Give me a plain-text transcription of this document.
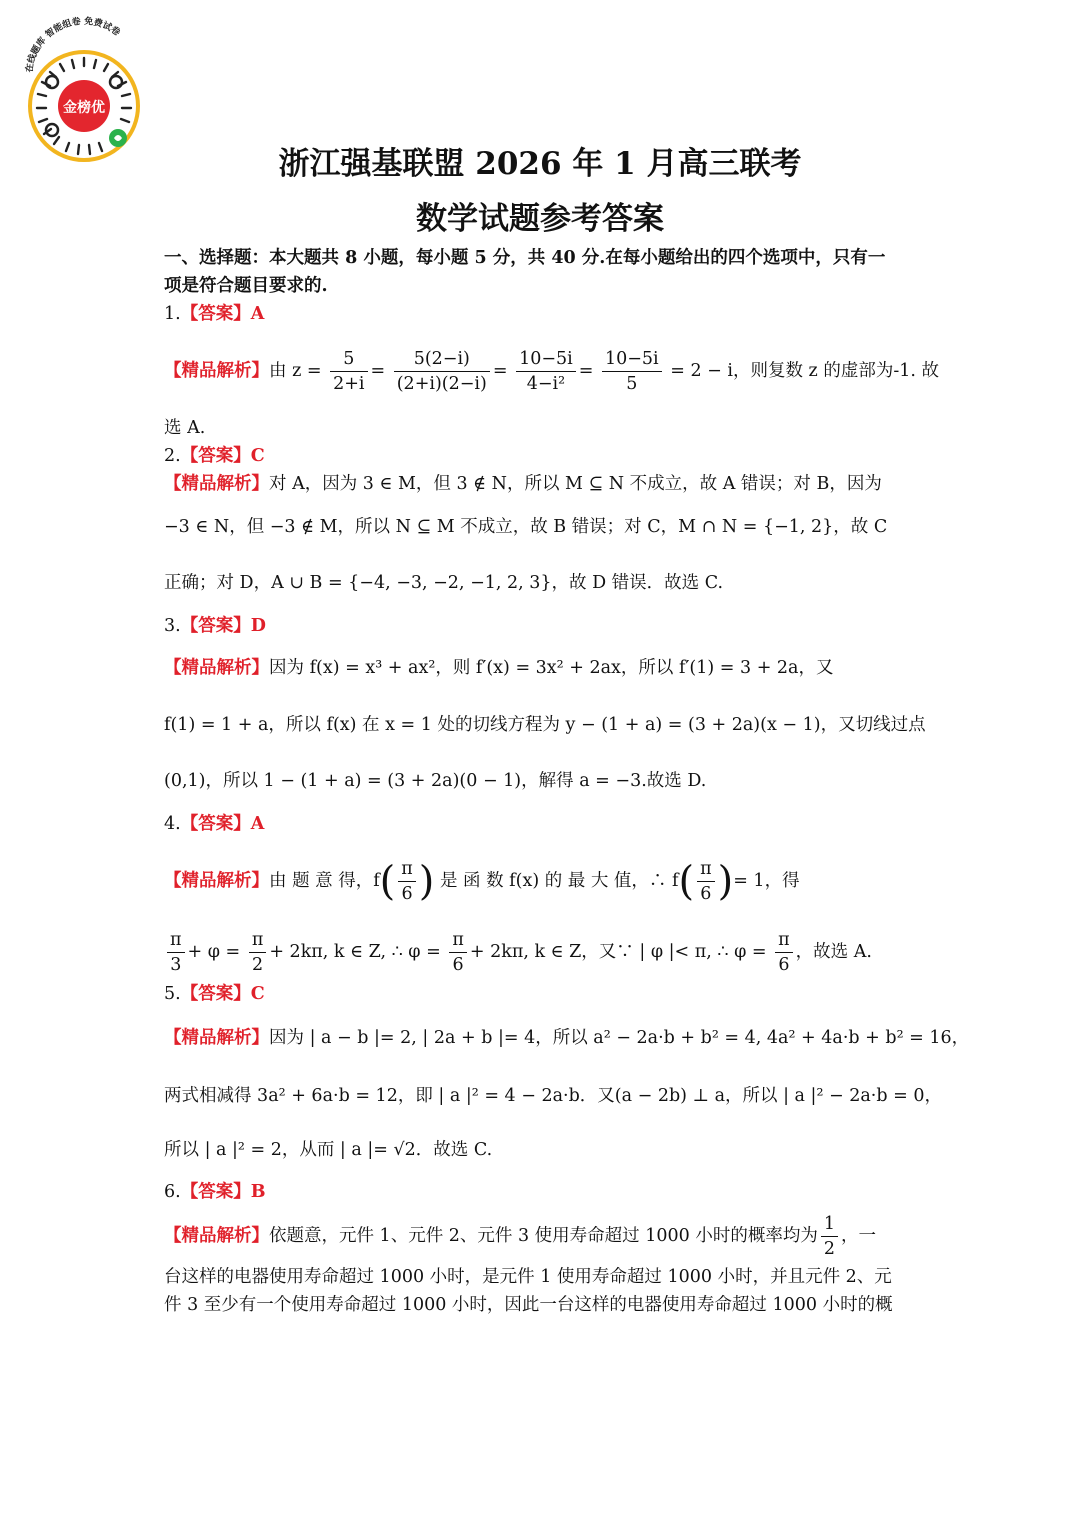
在线题库 智能组卷 免费试卷
金榜优
浙江强基联盟 2026 年 1 月高三联考
数学试题参考答案
一、选择题：本大题共 8 小题，每小题 5 分，共 40 分.在每小题给出的四个选项中，只有一
项是符合题目要求的.
1.【答案】A
【精品解析】由 $z = \frac{5}{2+i} = \frac{5(2-i)}{(2+i)(2-i)} = \frac{10-5i}{\text{4−i²}} = \frac{10-5i}{5} = 2 - i$，则复数 z 的虚部为-1. 故
选 A.
2.【答案】C
【精品解析】对 A，因为 3 ∈ M，但 3 ∉ N，所以 M ⊆ N 不成立，故 A 错误；对 B，因为
−3 ∈ N，但 −3 ∉ M，所以 N ⊆ M 不成立，故 B 错误；对 C，M ∩ N = {−1, 2}，故 C
正确；对 D，A ∪ B = {−4, −3, −2, −1, 2, 3}，故 D 错误．故选 C.
3.【答案】D
【精品解析】因为 f(x) = x³ + ax²，则 f′(x) = 3x² + 2ax，所以 f′(1) = 3 + 2a，又
f(1) = 1 + a，所以 f(x) 在 x = 1 处的切线方程为 y − (1 + a) = (3 + 2a)(x − 1)，又切线过点
(0,1)，所以 1 − (1 + a) = (3 + 2a)(0 − 1)，解得 a = −3.故选 D.
4.【答案】A
【精品解析】由 题 意 得，$f( \frac{\pi}{6}$ ) 是 函 数 f(x) 的 最 大 值，∴ $f( \frac{\pi}{6}$ )= 1，得
$\frac{\pi}{3} + \varphi = \frac{\pi}{2} + 2k\pi$, k ∈ Z, ∴ $\varphi = \frac{\pi}{6} + 2k\pi$, k ∈ Z，又∵ | φ |< π, ∴ $\varphi = \frac{\pi}{6}$ ，故选 A.
5.【答案】C
【精品解析】因为 | a − b |= 2, | 2a + b |= 4，所以 a² − 2a·b + b² = 4, 4a² + 4a·b + b² = 16，
两式相减得 3a² + 6a·b = 12，即 | a |² = 4 − 2a·b．又(a − 2b) ⊥ a，所以 | a |² − 2a·b = 0，
所以 | a |² = 2，从而 | a |= √2．故选 C.
6.【答案】B
【精品解析】依题意，元件 1、元件 2、元件 3 使用寿命超过 1000 小时的概率均为 $\frac{1}{2}$ ，一
台这样的电器使用寿命超过 1000 小时，是元件 1 使用寿命超过 1000 小时，并且元件 2、元
件 3 至少有一个使用寿命超过 1000 小时，因此一台这样的电器使用寿命超过 1000 小时的概
